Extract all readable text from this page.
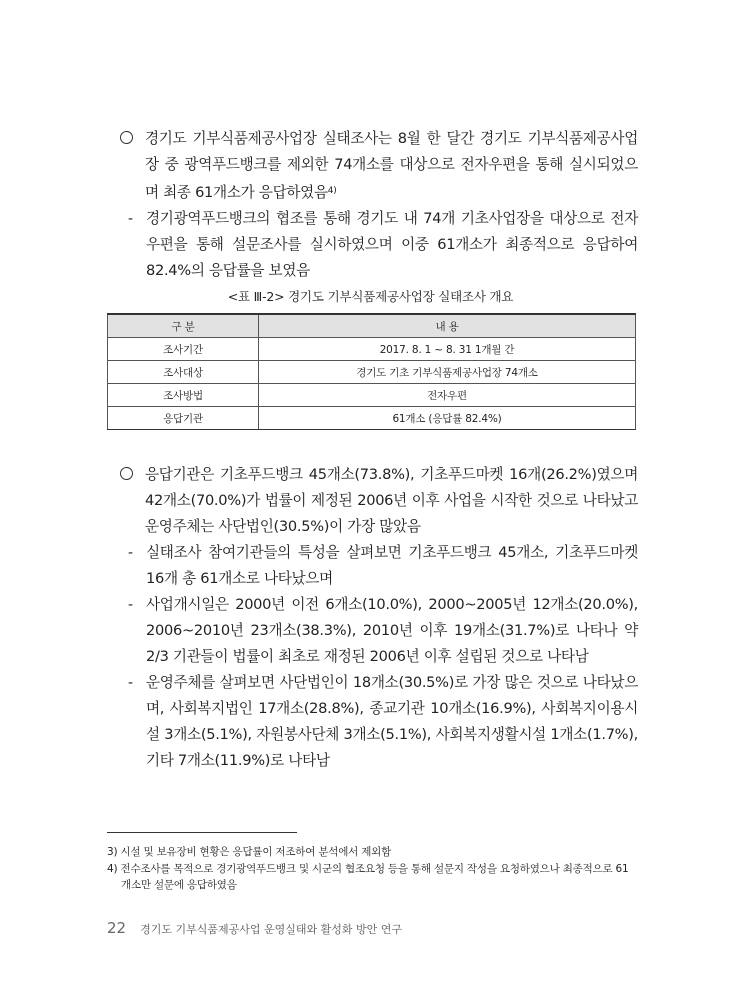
경기도 기부식품제공사업장 실태조사는 8월 한 달간 경기도 기부식품제공사업장 중 광역푸드뱅크를 제외한 74개소를 대상으로 전자우편을 통해 실시되었으며 최종 61개소가 응답하였음$^{4)}$
- 경기광역푸드뱅크의 협조를 통해 경기도 내 74개 기초사업장을 대상으로 전자우편을 통해 설문조사를 실시하였으며 이중 61개소가 최종적으로 응답하여 82.4%의 응답률을 보였음
<표 Ⅲ-2> 경기도 기부식품제공사업장 실태조사 개요
구 분	내 용
조사기간	2017. 8. 1 ~ 8. 31 1개월 간
조사대상	경기도 기초 기부식품제공사업장 74개소
조사방법	전자우편
응답기관	61개소 (응답률 82.4%)
응답기관은 기초푸드뱅크 45개소(73.8%), 기초푸드마켓 16개(26.2%)였으며 42개소(70.0%)가 법률이 제정된 2006년 이후 사업을 시작한 것으로 나타났고 운영주체는 사단법인(30.5%)이 가장 많았음
- 실태조사 참여기관들의 특성을 살펴보면 기초푸드뱅크 45개소, 기초푸드마켓 16개 총 61개소로 나타났으며
- 사업개시일은 2000년 이전 6개소(10.0%), 2000~2005년 12개소(20.0%), 2006~2010년 23개소(38.3%), 2010년 이후 19개소(31.7%)로 나타나 약 2/3 기관들이 법률이 최초로 재정된 2006년 이후 설립된 것으로 나타남
- 운영주체를 살펴보면 사단법인이 18개소(30.5%)로 가장 많은 것으로 나타났으며, 사회복지법인 17개소(28.8%), 종교기관 10개소(16.9%), 사회복지이용시설 3개소(5.1%), 자원봉사단체 3개소(5.1%), 사회복지생활시설 1개소(1.7%), 기타 7개소(11.9%)로 나타남
3) 시설 및 보유장비 현황은 응답률이 저조하여 분석에서 제외함
4) 전수조사를 목적으로 경기광역푸드뱅크 및 시군의 협조요청 등을 통해 설문지 작성을 요청하였으나 최종적으로 61
개소만 설문에 응답하였음
22 경기도 기부식품제공사업 운영실태와 활성화 방안 연구
